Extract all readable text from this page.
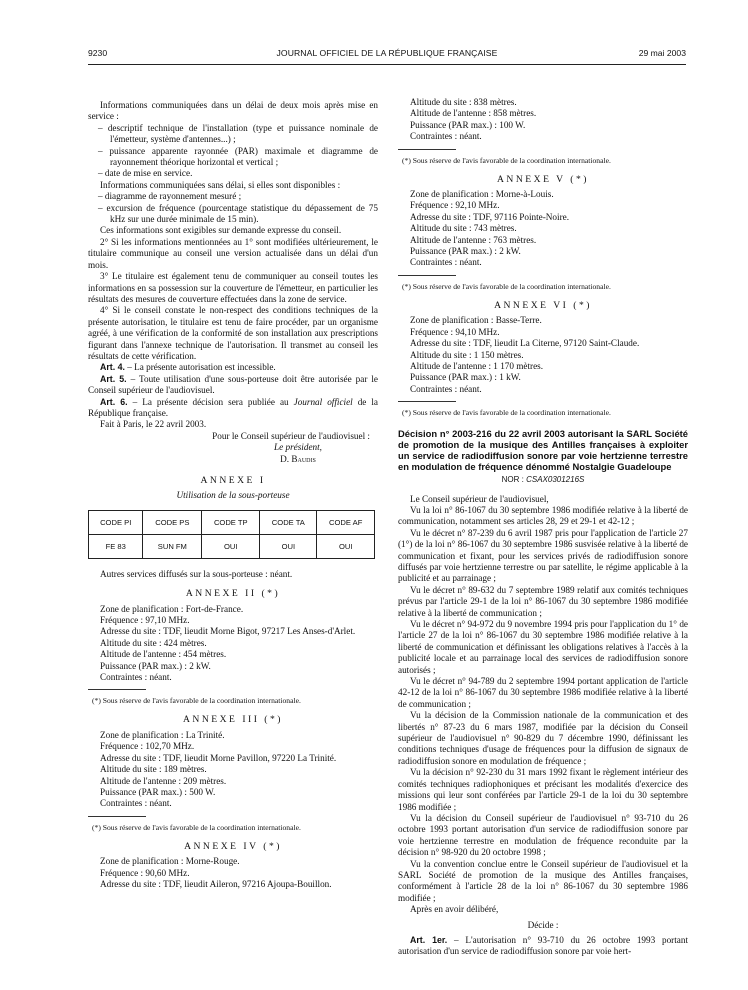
9230	JOURNAL OFFICIEL DE LA RÉPUBLIQUE FRANÇAISE	29 mai 2003

Informations communiquées dans un délai de deux mois après mise en service :

– descriptif technique de l'installation (type et puissance nominale de l'émetteur, système d'antennes...) ;

– puissance apparente rayonnée (PAR) maximale et diagramme de rayonnement théorique horizontal et vertical ;

– date de mise en service.

Informations communiquées sans délai, si elles sont disponibles :

– diagramme de rayonnement mesuré ;

– excursion de fréquence (pourcentage statistique du dépassement de 75 kHz sur une durée minimale de 15 min).

Ces informations sont exigibles sur demande expresse du conseil.

2° Si les informations mentionnées au 1° sont modifiées ultérieurement, le titulaire communique au conseil une version actualisée dans un délai d'un mois.

3° Le titulaire est également tenu de communiquer au conseil toutes les informations en sa possession sur la couverture de l'émetteur, en particulier les résultats des mesures de couverture effectuées dans la zone de service.

4° Si le conseil constate le non-respect des conditions techniques de la présente autorisation, le titulaire est tenu de faire procéder, par un organisme agréé, à une vérification de la conformité de son installation aux prescriptions figurant dans l'annexe technique de l'autorisation. Il transmet au conseil les résultats de cette vérification.

Art. 4. – La présente autorisation est incessible.

Art. 5. – Toute utilisation d'une sous-porteuse doit être autorisée par le Conseil supérieur de l'audiovisuel.

Art. 6. – La présente décision sera publiée au Journal officiel de la République française.

Fait à Paris, le 22 avril 2003.

Pour le Conseil supérieur de l'audiovisuel :

Le président,

D. Baudis

ANNEXE I

Utilisation de la sous-porteuse

CODE PI	CODE PS	CODE TP	CODE TA	CODE AF
FE 83	SUN FM	OUI	OUI	OUI

Autres services diffusés sur la sous-porteuse : néant.

ANNEXE II (*)

Zone de planification : Fort-de-France.

Fréquence : 97,10 MHz.

Adresse du site : TDF, lieudit Morne Bigot, 97217 Les Anses-d'Arlet.

Altitude du site : 424 mètres.

Altitude de l'antenne : 454 mètres.

Puissance (PAR max.) : 2 kW.

Contraintes : néant.

(*) Sous réserve de l'avis favorable de la coordination internationale.

ANNEXE III (*)

Zone de planification : La Trinité.

Fréquence : 102,70 MHz.

Adresse du site : TDF, lieudit Morne Pavillon, 97220 La Trinité.

Altitude du site : 189 mètres.

Altitude de l'antenne : 209 mètres.

Puissance (PAR max.) : 500 W.

Contraintes : néant.

(*) Sous réserve de l'avis favorable de la coordination internationale.

ANNEXE IV (*)

Zone de planification : Morne-Rouge.

Fréquence : 90,60 MHz.

Adresse du site : TDF, lieudit Aileron, 97216 Ajoupa-Bouillon.

Altitude du site : 838 mètres.

Altitude de l'antenne : 858 mètres.

Puissance (PAR max.) : 100 W.

Contraintes : néant.

(*) Sous réserve de l'avis favorable de la coordination internationale.

ANNEXE V (*)

Zone de planification : Morne-à-Louis.

Fréquence : 92,10 MHz.

Adresse du site : TDF, 97116 Pointe-Noire.

Altitude du site : 743 mètres.

Altitude de l'antenne : 763 mètres.

Puissance (PAR max.) : 2 kW.

Contraintes : néant.

(*) Sous réserve de l'avis favorable de la coordination internationale.

ANNEXE VI (*)

Zone de planification : Basse-Terre.

Fréquence : 94,10 MHz.

Adresse du site : TDF, lieudit La Citerne, 97120 Saint-Claude.

Altitude du site : 1 150 mètres.

Altitude de l'antenne : 1 170 mètres.

Puissance (PAR max.) : 1 kW.

Contraintes : néant.

(*) Sous réserve de l'avis favorable de la coordination internationale.

Décision n° 2003-216 du 22 avril 2003 autorisant la SARL Société de promotion de la musique des Antilles françaises à exploiter un service de radiodiffusion sonore par voie hertzienne terrestre en modulation de fréquence dénommé Nostalgie Guadeloupe

NOR : CSAX0301216S

Le Conseil supérieur de l'audiovisuel,

Vu la loi n° 86-1067 du 30 septembre 1986 modifiée relative à la liberté de communication, notamment ses articles 28, 29 et 29-1 et 42-12 ;

Vu le décret n° 87-239 du 6 avril 1987 pris pour l'application de l'article 27 (1°) de la loi n° 86-1067 du 30 septembre 1986 susvisée relative à la liberté de communication et fixant, pour les services privés de radiodiffusion sonore diffusés par voie hertzienne terrestre ou par satellite, le régime applicable à la publicité et au parrainage ;

Vu le décret n° 89-632 du 7 septembre 1989 relatif aux comités techniques prévus par l'article 29-1 de la loi n° 86-1067 du 30 septembre 1986 modifiée relative à la liberté de communication ;

Vu le décret n° 94-972 du 9 novembre 1994 pris pour l'application du 1° de l'article 27 de la loi n° 86-1067 du 30 septembre 1986 modifiée relative à la liberté de communication et définissant les obligations relatives à l'accès à la publicité locale et au parrainage local des services de radiodiffusion sonore autorisés ;

Vu le décret n° 94-789 du 2 septembre 1994 portant application de l'article 42-12 de la loi n° 86-1067 du 30 septembre 1986 modifiée relative à la liberté de communication ;

Vu la décision de la Commission nationale de la communication et des libertés n° 87-23 du 6 mars 1987, modifiée par la décision du Conseil supérieur de l'audiovisuel n° 90-829 du 7 décembre 1990, définissant les conditions techniques d'usage de fréquences pour la diffusion de signaux de radiodiffusion sonore en modulation de fréquence ;

Vu la décision n° 92-230 du 31 mars 1992 fixant le règlement intérieur des comités techniques radiophoniques et précisant les modalités d'exercice des missions qui leur sont conférées par l'article 29-1 de la loi du 30 septembre 1986 modifiée ;

Vu la décision du Conseil supérieur de l'audiovisuel n° 93-710 du 26 octobre 1993 portant autorisation d'un service de radiodiffusion sonore par voie hertzienne terrestre en modulation de fréquence reconduite par la décision n° 98-920 du 20 octobre 1998 ;

Vu la convention conclue entre le Conseil supérieur de l'audiovisuel et la SARL Société de promotion de la musique des Antilles françaises, conformément à l'article 28 de la loi n° 86-1067 du 30 septembre 1986 modifiée ;

Après en avoir délibéré,

Décide :

Art. 1er. – L'autorisation n° 93-710 du 26 octobre 1993 portant autorisation d'un service de radiodiffusion sonore par voie hert-
